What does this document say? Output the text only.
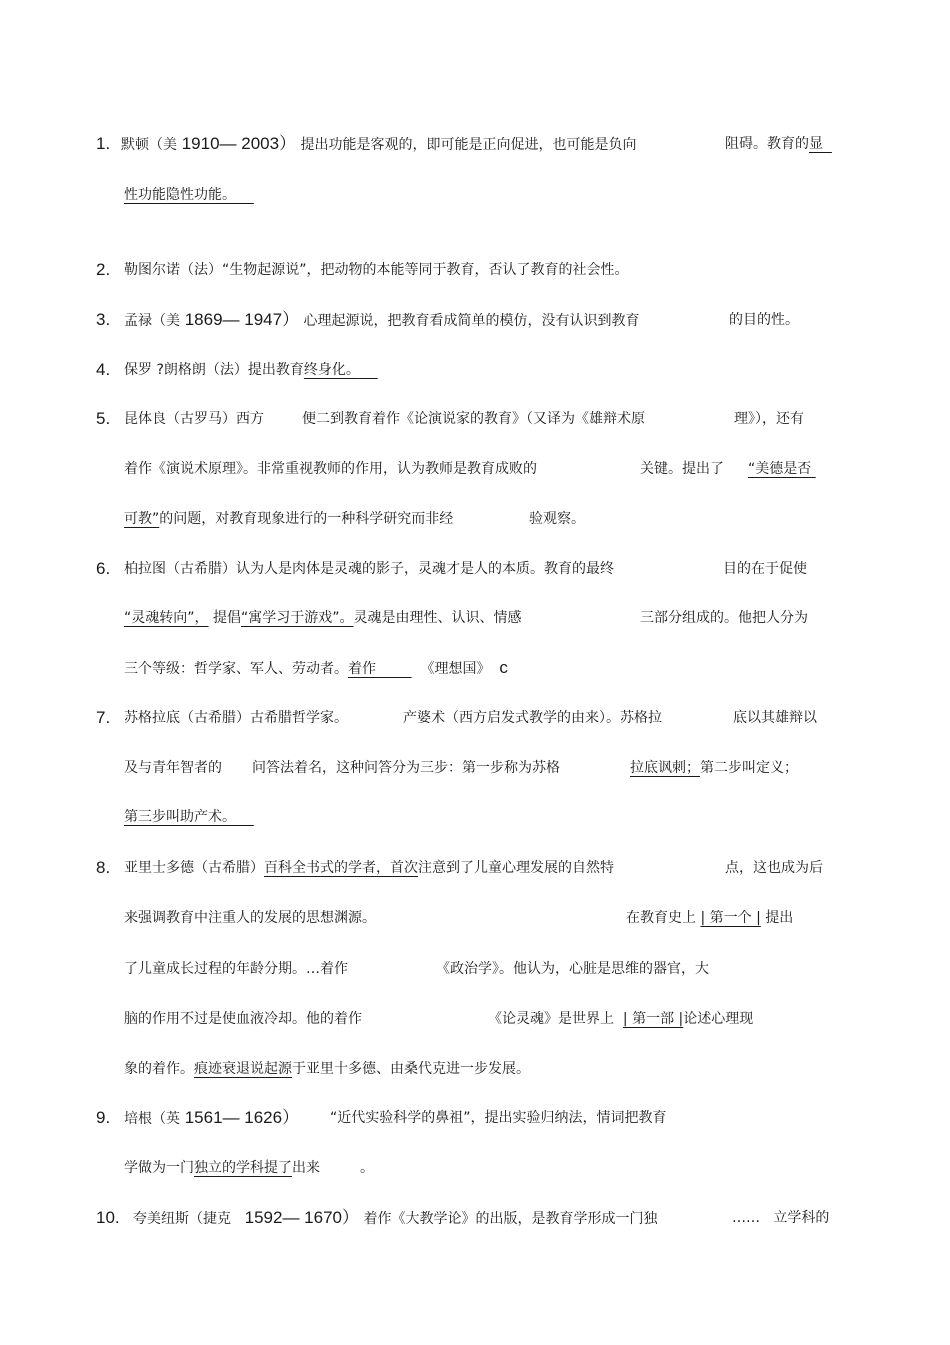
1. 默顿（美 1910— 2003） 提出功能是客观的，即可能是正向促进，也可能是负向	阻碍。教育的显
性功能隐性功能。
2. 勒图尔诺（法）“生物起源说”，把动物的本能等同于教育，否认了教育的社会性。
3. 孟禄（美 1869— 1947） 心理起源说，把教育看成简单的模仿，没有认识到教育	的目的性。
4. 保罗 ?朗格朗（法）提出教育终身化。
5. 昆体良（古罗马）西方	便二到教育着作《论演说家的教育》（又译为《雄辩术原	理》），还有
着作《演说术原理》。非常重视教师的作用，认为教师是教育成败的	关键。提出了 “美德是否
可教”的问题，对教育现象进行的一种科学研究而非经	验观察。
6. 柏拉图（古希腊）认为人是肉体是灵魂的影子，灵魂才是人的本质。教育的最终	目的在于促使
“灵魂转向”， 提倡“寓学习于游戏”。灵魂是由理性、认识、情感	三部分组成的。他把人分为
三个等级：哲学家、军人、劳动者。着作	《理想国》 c
7. 苏格拉底（古希腊）古希腊哲学家。	产婆术（西方启发式教学的由来）。苏格拉	底以其雄辩以
及与青年智者的 问答法着名，这种问答分为三步：第一步称为苏格	拉底讽刺；第二步叫定义；
第三步叫助产术。
8. 亚里士多德（古希腊）百科全书式的学者，首次注意到了儿童心理发展的自然特	点，这也成为后
来强调教育中注重人的发展的思想渊源。	在教育史上 | 第一个 | 提出
了儿童成长过程的年龄分期。…着作	《政治学》。他认为，心脏是思维的器官，大
脑的作用不过是使血液冷却。他的着作	《论灵魂》是世界上 | 第一部 |论述心理现
象的着作。痕迹衰退说起源于亚里十多德、由桑代克进一步发展。
9. 培根（英 1561— 1626） “近代实验科学的鼻祖”，提出实验归纳法，情词把教育
学做为一门独立的学科提了出来	。
10. 夸美纽斯（捷克   1592— 1670） 着作《大教学论》的出版，是教育学形成一门独	…… 立学科的
